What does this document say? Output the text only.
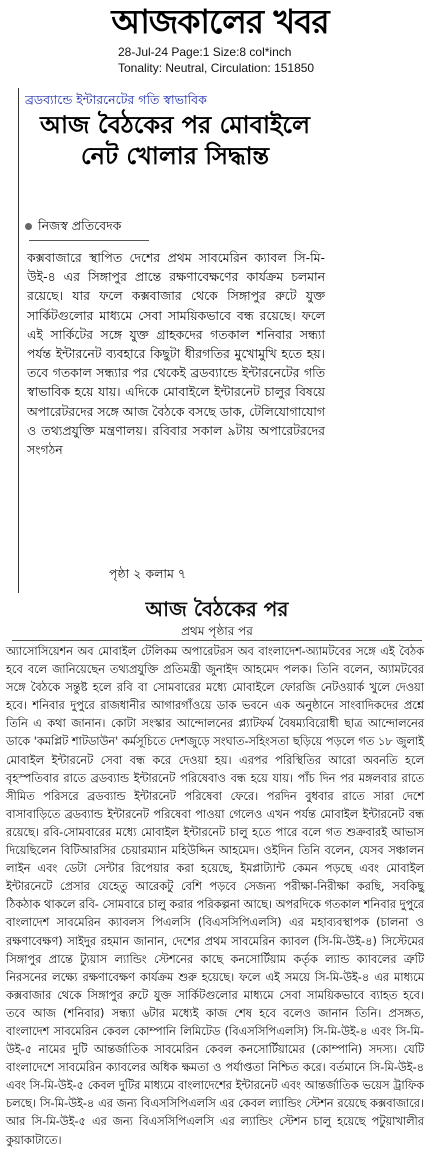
আজকালের খবর
28-Jul-24 Page:1 Size:8 col*inch
Tonality: Neutral, Circulation: 151850
ব্রডব্যান্ডে ইন্টারনেটের গতি স্বাভাবিক
আজ বৈঠকের পর মোবাইলে নেট খোলার সিদ্ধান্ত
নিজস্ব প্রতিবেদক
কক্সবাজারে স্থাপিত দেশের প্রথম সাবমেরিন ক্যাবল সি-মি-উই-৪ এর সিঙ্গাপুর প্রান্তে রক্ষণাবেক্ষণের কার্যক্রম চলমান রয়েছে। যার ফলে কক্সবাজার থেকে সিঙ্গাপুর রুটে যুক্ত সার্কিটগুলোর মাধ্যমে সেবা সাময়িকভাবে বন্ধ রয়েছে। ফলে এই সার্কিটের সঙ্গে যুক্ত গ্রাহকদের গতকাল শনিবার সন্ধ্যা পর্যন্ত ইন্টারনেট ব্যবহারে কিছুটা ধীরগতির মুখোমুখি হতে হয়। তবে গতকাল সন্ধ্যার পর থেকেই ব্রডব্যান্ডে ইন্টারনেটের গতি স্বাভাবিক হয়ে যায়। এদিকে মোবাইলে ইন্টারনেট চালুর বিষয়ে অপারেটরদের সঙ্গে আজ বৈঠকে বসছে ডাক, টেলিযোগাযোগ ও তথ্যপ্রযুক্তি মন্ত্রণালয়। রবিবার সকাল ৯টায় অপারেটরদের সংগঠন
পৃষ্ঠা ২ কলাম ৭
আজ বৈঠকের পর
প্রথম পৃষ্ঠার পর
অ্যাসোসিয়েশন অব মোবাইল টেলিকম অপারেটরস অব বাংলাদেশ-অ্যামটবের সঙ্গে এই বৈঠক হবে বলে জানিয়েছেন তথ্যপ্রযুক্তি প্রতিমন্ত্রী জুনাইদ আহমেদ পলক। তিনি বলেন, অ্যামটবের সঙ্গে বৈঠকে সন্তুষ্ট হলে রবি বা সোমবারের মধ্যে মোবাইলে ফোরজি নেটওয়ার্ক খুলে দেওয়া হবে। শনিবার দুপুরে রাজধানীর আগারগাঁওয়ে ডাক ভবনে এক অনুষ্ঠানে সাংবাদিকদের প্রশ্নে তিনি এ কথা জানান। কোটা সংস্কার আন্দোলনের প্ল্যাটফর্ম বৈষম্যবিরোধী ছাত্র আন্দোলনের ডাকে 'কমপ্লিট শাটডাউন' কর্মসূচিতে দেশজুড়ে সংঘাত-সহিংসতা ছড়িয়ে পড়লে গত ১৮ জুলাই মোবাইল ইন্টারনেট সেবা বন্ধ করে দেওয়া হয়। এরপর পরিস্থিতির আরো অবনতি হলে বৃহস্পতিবার রাতে ব্রডব্যান্ড ইন্টারনেট পরিষেবাও বন্ধ হয়ে যায়। পাঁচ দিন পর মঙ্গলবার রাতে সীমিত পরিসরে ব্রডব্যান্ড ইন্টারনেট পরিষেবা ফেরে। পরদিন বুধবার রাতে সারা দেশে বাসাবাড়িতে ব্রডব্যান্ড ইন্টারনেট পরিষেবা পাওয়া গেলেও এখন পর্যন্ত মোবাইল ইন্টারনেট বন্ধ রয়েছে। রবি-সোমবারের মধ্যে মোবাইল ইন্টারনেট চালু হতে পারে বলে গত শুক্রবারই আভাস দিয়েছিলেন বিটিআরসির চেয়ারম্যান মহিউদ্দিন আহমেদ। ওইদিন তিনি বলেন, যেসব সঞ্চালন লাইন এবং ডেটা সেন্টার রিপেয়ার করা হয়েছে, ইমপ্লাট্যান্ট কেমন পড়ছে এবং মোবাইল ইন্টারনেটে প্রেসার যেহেতু আরেকটু বেশি পড়বে সেজন্য পরীক্ষা-নিরীক্ষা করছি, সবকিছু ঠিকঠাক থাকলে রবি- সোমবারে চালু করার পরিকল্পনা আছে। অপরদিকে গতকাল শনিবার দুপুরে বাংলাদেশ সাবমেরিন ক্যাবলস পিএলসি (বিএসসিপিএলসি) এর মহাব্যবস্থাপক (চালনা ও রক্ষণাবেক্ষণ) সাইদুর রহমান জানান, দেশের প্রথম সাবমেরিন ক্যাবল (সি-মি-উই-৪) সিস্টেমের সিঙ্গাপুর প্রান্তে ট্যুয়াস ল্যান্ডিং স্টেশনের কাছে কনসোর্টিয়াম কর্তৃক ল্যান্ড ক্যাবলের ত্রুটি নিরসনের লক্ষ্যে রক্ষণাবেক্ষণ কার্যক্রম শুরু হয়েছে। ফলে এই সময়ে সি-মি-উই-৪ এর মাধ্যমে কক্সবাজার থেকে সিঙ্গাপুর রুটে যুক্ত সার্কিটগুলোর মাধ্যমে সেবা সাময়িকভাবে ব্যাহত হবে। তবে আজ (শনিবার) সন্ধ্যা ৬টার মধ্যেই কাজ শেষ হবে বলেও জানান তিনি। প্রসঙ্গত, বাংলাদেশ সাবমেরিন কেবল কোম্পানি লিমিটেড (বিএসসিপিএলসি) সি-মি-উই-৪ এবং সি-মি-উই-৫ নামের দুটি আন্তর্জাতিক সাবমেরিন কেবল কনসোর্টিয়ামের (কোম্পানি) সদস্য। যেটি বাংলাদেশে সাবমেরিন ক্যাবলের অধিক ক্ষমতা ও পর্যাপ্ততা নিশ্চিত করে। বর্তমানে সি-মি-উই-৪ এবং সি-মি-উই-৫ কেবল দুটির মাধ্যমে বাংলাদেশের ইন্টারনেট এবং আন্তর্জাতিক ভয়েস ট্রাফিক চলছে। সি-মি-উই-৪ এর জন্য বিএসসিপিএলসি এর কেবল ল্যান্ডিং স্টেশন রয়েছে কক্সবাজারে। আর সি-মি-উই-৫ এর জন্য বিএসসিপিএলসি এর ল্যান্ডিং স্টেশন চালু হয়েছে পটুয়াখালীর কুয়াকাটাতে।
